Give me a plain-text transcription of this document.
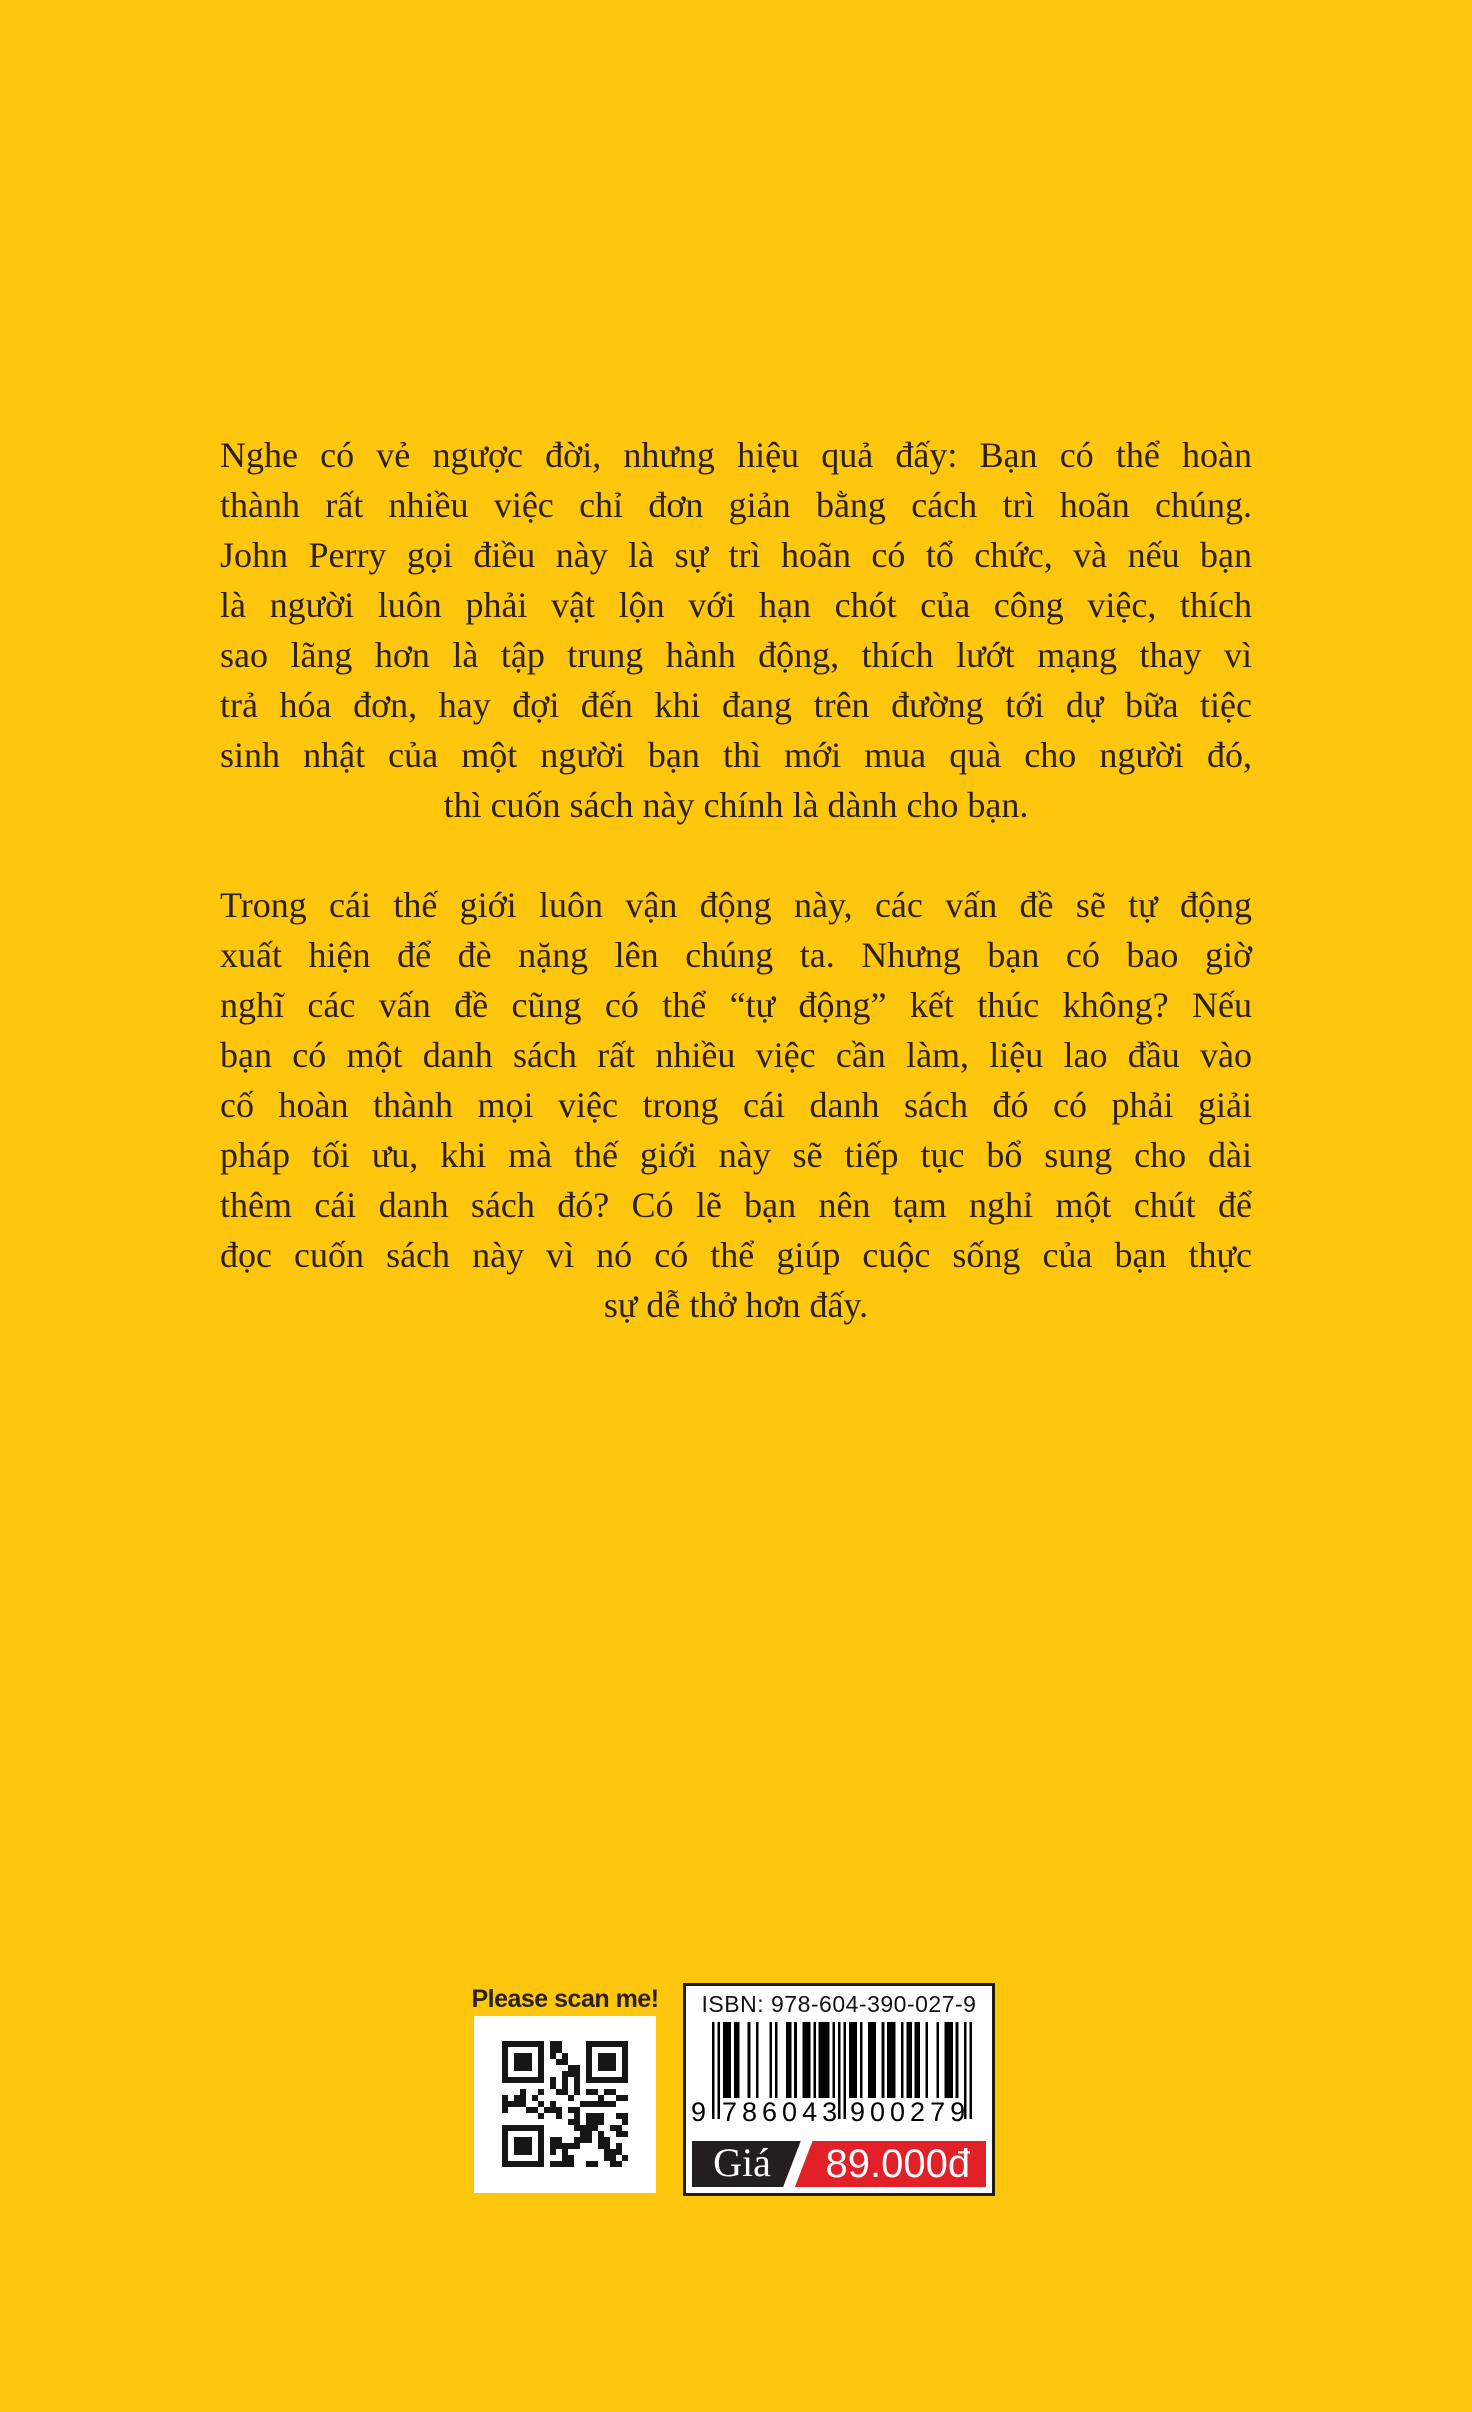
Nghe có vẻ ngược đời, nhưng hiệu quả đấy: Bạn có thể hoàn
thành rất nhiều việc chỉ đơn giản bằng cách trì hoãn chúng.
John Perry gọi điều này là sự trì hoãn có tổ chức, và nếu bạn
là người luôn phải vật lộn với hạn chót của công việc, thích
sao lãng hơn là tập trung hành động, thích lướt mạng thay vì
trả hóa đơn, hay đợi đến khi đang trên đường tới dự bữa tiệc
sinh nhật của một người bạn thì mới mua quà cho người đó,
thì cuốn sách này chính là dành cho bạn.
Trong cái thế giới luôn vận động này, các vấn đề sẽ tự động
xuất hiện để đè nặng lên chúng ta. Nhưng bạn có bao giờ
nghĩ các vấn đề cũng có thể “tự động” kết thúc không? Nếu
bạn có một danh sách rất nhiều việc cần làm, liệu lao đầu vào
cố hoàn thành mọi việc trong cái danh sách đó có phải giải
pháp tối ưu, khi mà thế giới này sẽ tiếp tục bổ sung cho dài
thêm cái danh sách đó? Có lẽ bạn nên tạm nghỉ một chút để
đọc cuốn sách này vì nó có thể giúp cuộc sống của bạn thực
sự dễ thở hơn đấy.
Please scan me!	ISBN: 978-604-390-027-9
9 786043 900279
Giá	89.000đ
